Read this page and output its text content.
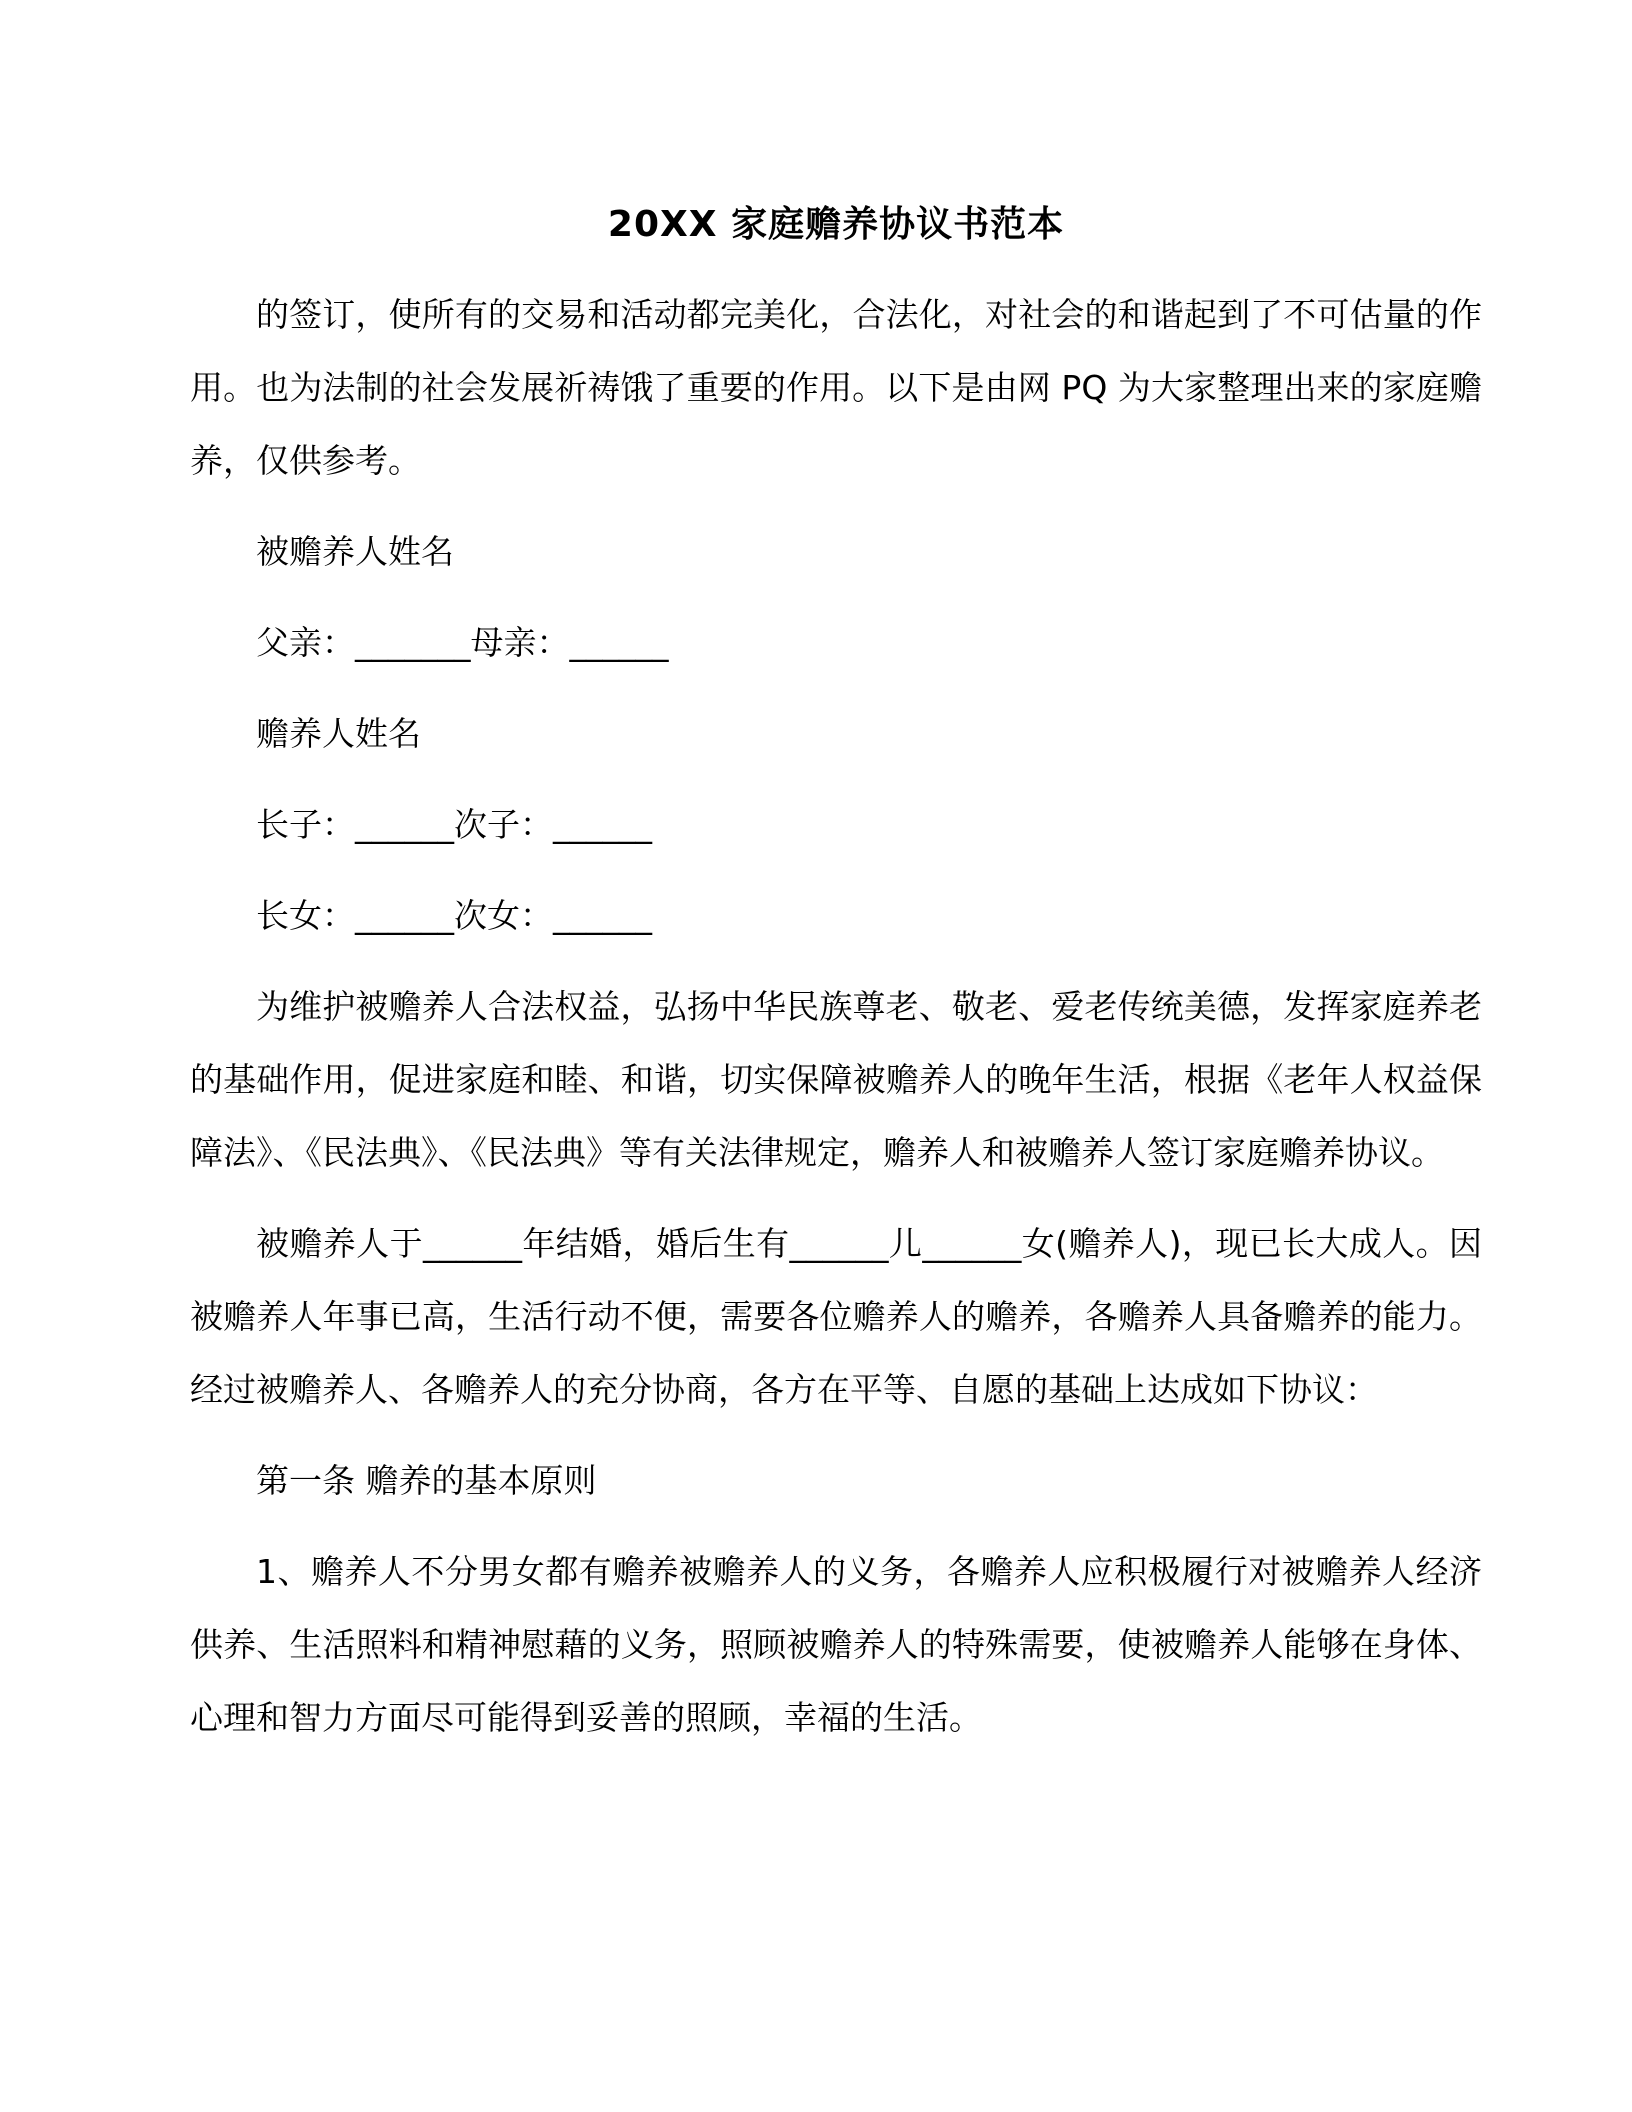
20XX 家庭赡养协议书范本

的签订，使所有的交易和活动都完美化，合法化，对社会的和谐起到了不可估量的作用。也为法制的社会发展祈祷饿了重要的作用。以下是由网 PQ 为大家整理出来的家庭赡养，仅供参考。

被赡养人姓名

父亲：_______母亲：______

赡养人姓名

长子：______次子：______

长女：______次女：______

为维护被赡养人合法权益，弘扬中华民族尊老、敬老、爱老传统美德，发挥家庭养老的基础作用，促进家庭和睦、和谐，切实保障被赡养人的晚年生活，根据《老年人权益保障法》、《民法典》、《民法典》等有关法律规定，赡养人和被赡养人签订家庭赡养协议。

被赡养人于______年结婚，婚后生有______儿______女(赡养人)，现已长大成人。因被赡养人年事已高，生活行动不便，需要各位赡养人的赡养，各赡养人具备赡养的能力。经过被赡养人、各赡养人的充分协商，各方在平等、自愿的基础上达成如下协议：

第一条 赡养的基本原则

1、赡养人不分男女都有赡养被赡养人的义务，各赡养人应积极履行对被赡养人经济供养、生活照料和精神慰藉的义务，照顾被赡养人的特殊需要，使被赡养人能够在身体、心理和智力方面尽可能得到妥善的照顾，幸福的生活。
